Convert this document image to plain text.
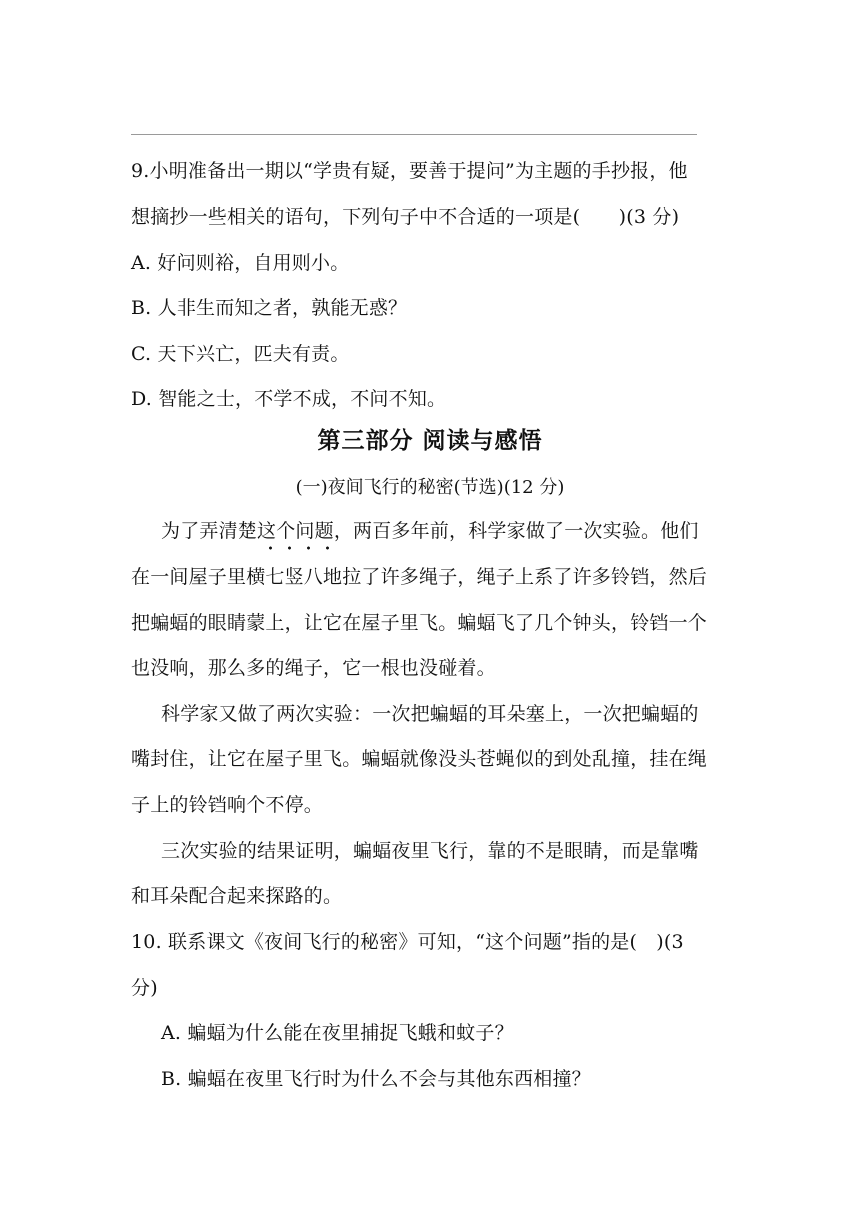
9.小明准备出一期以“学贵有疑，要善于提问”为主题的手抄报，他
想摘抄一些相关的语句，下列句子中不合适的一项是(　　)(3 分)
A. 好问则裕，自用则小。
B. 人非生而知之者，孰能无惑？
C. 天下兴亡，匹夫有责。
D. 智能之士，不学不成，不问不知。
第三部分 阅读与感悟
(一)夜间飞行的秘密(节选)(12 分)
为了弄清楚这个问题，两百多年前，科学家做了一次实验。他们
在一间屋子里横七竖八地拉了许多绳子，绳子上系了许多铃铛，然后
把蝙蝠的眼睛蒙上，让它在屋子里飞。蝙蝠飞了几个钟头，铃铛一个
也没响，那么多的绳子，它一根也没碰着。
科学家又做了两次实验：一次把蝙蝠的耳朵塞上，一次把蝙蝠的
嘴封住，让它在屋子里飞。蝙蝠就像没头苍蝇似的到处乱撞，挂在绳
子上的铃铛响个不停。
三次实验的结果证明，蝙蝠夜里飞行，靠的不是眼睛，而是靠嘴
和耳朵配合起来探路的。
10. 联系课文《夜间飞行的秘密》可知，“这个问题”指的是(　)(3
分)
A. 蝙蝠为什么能在夜里捕捉飞蛾和蚊子？
B. 蝙蝠在夜里飞行时为什么不会与其他东西相撞？
